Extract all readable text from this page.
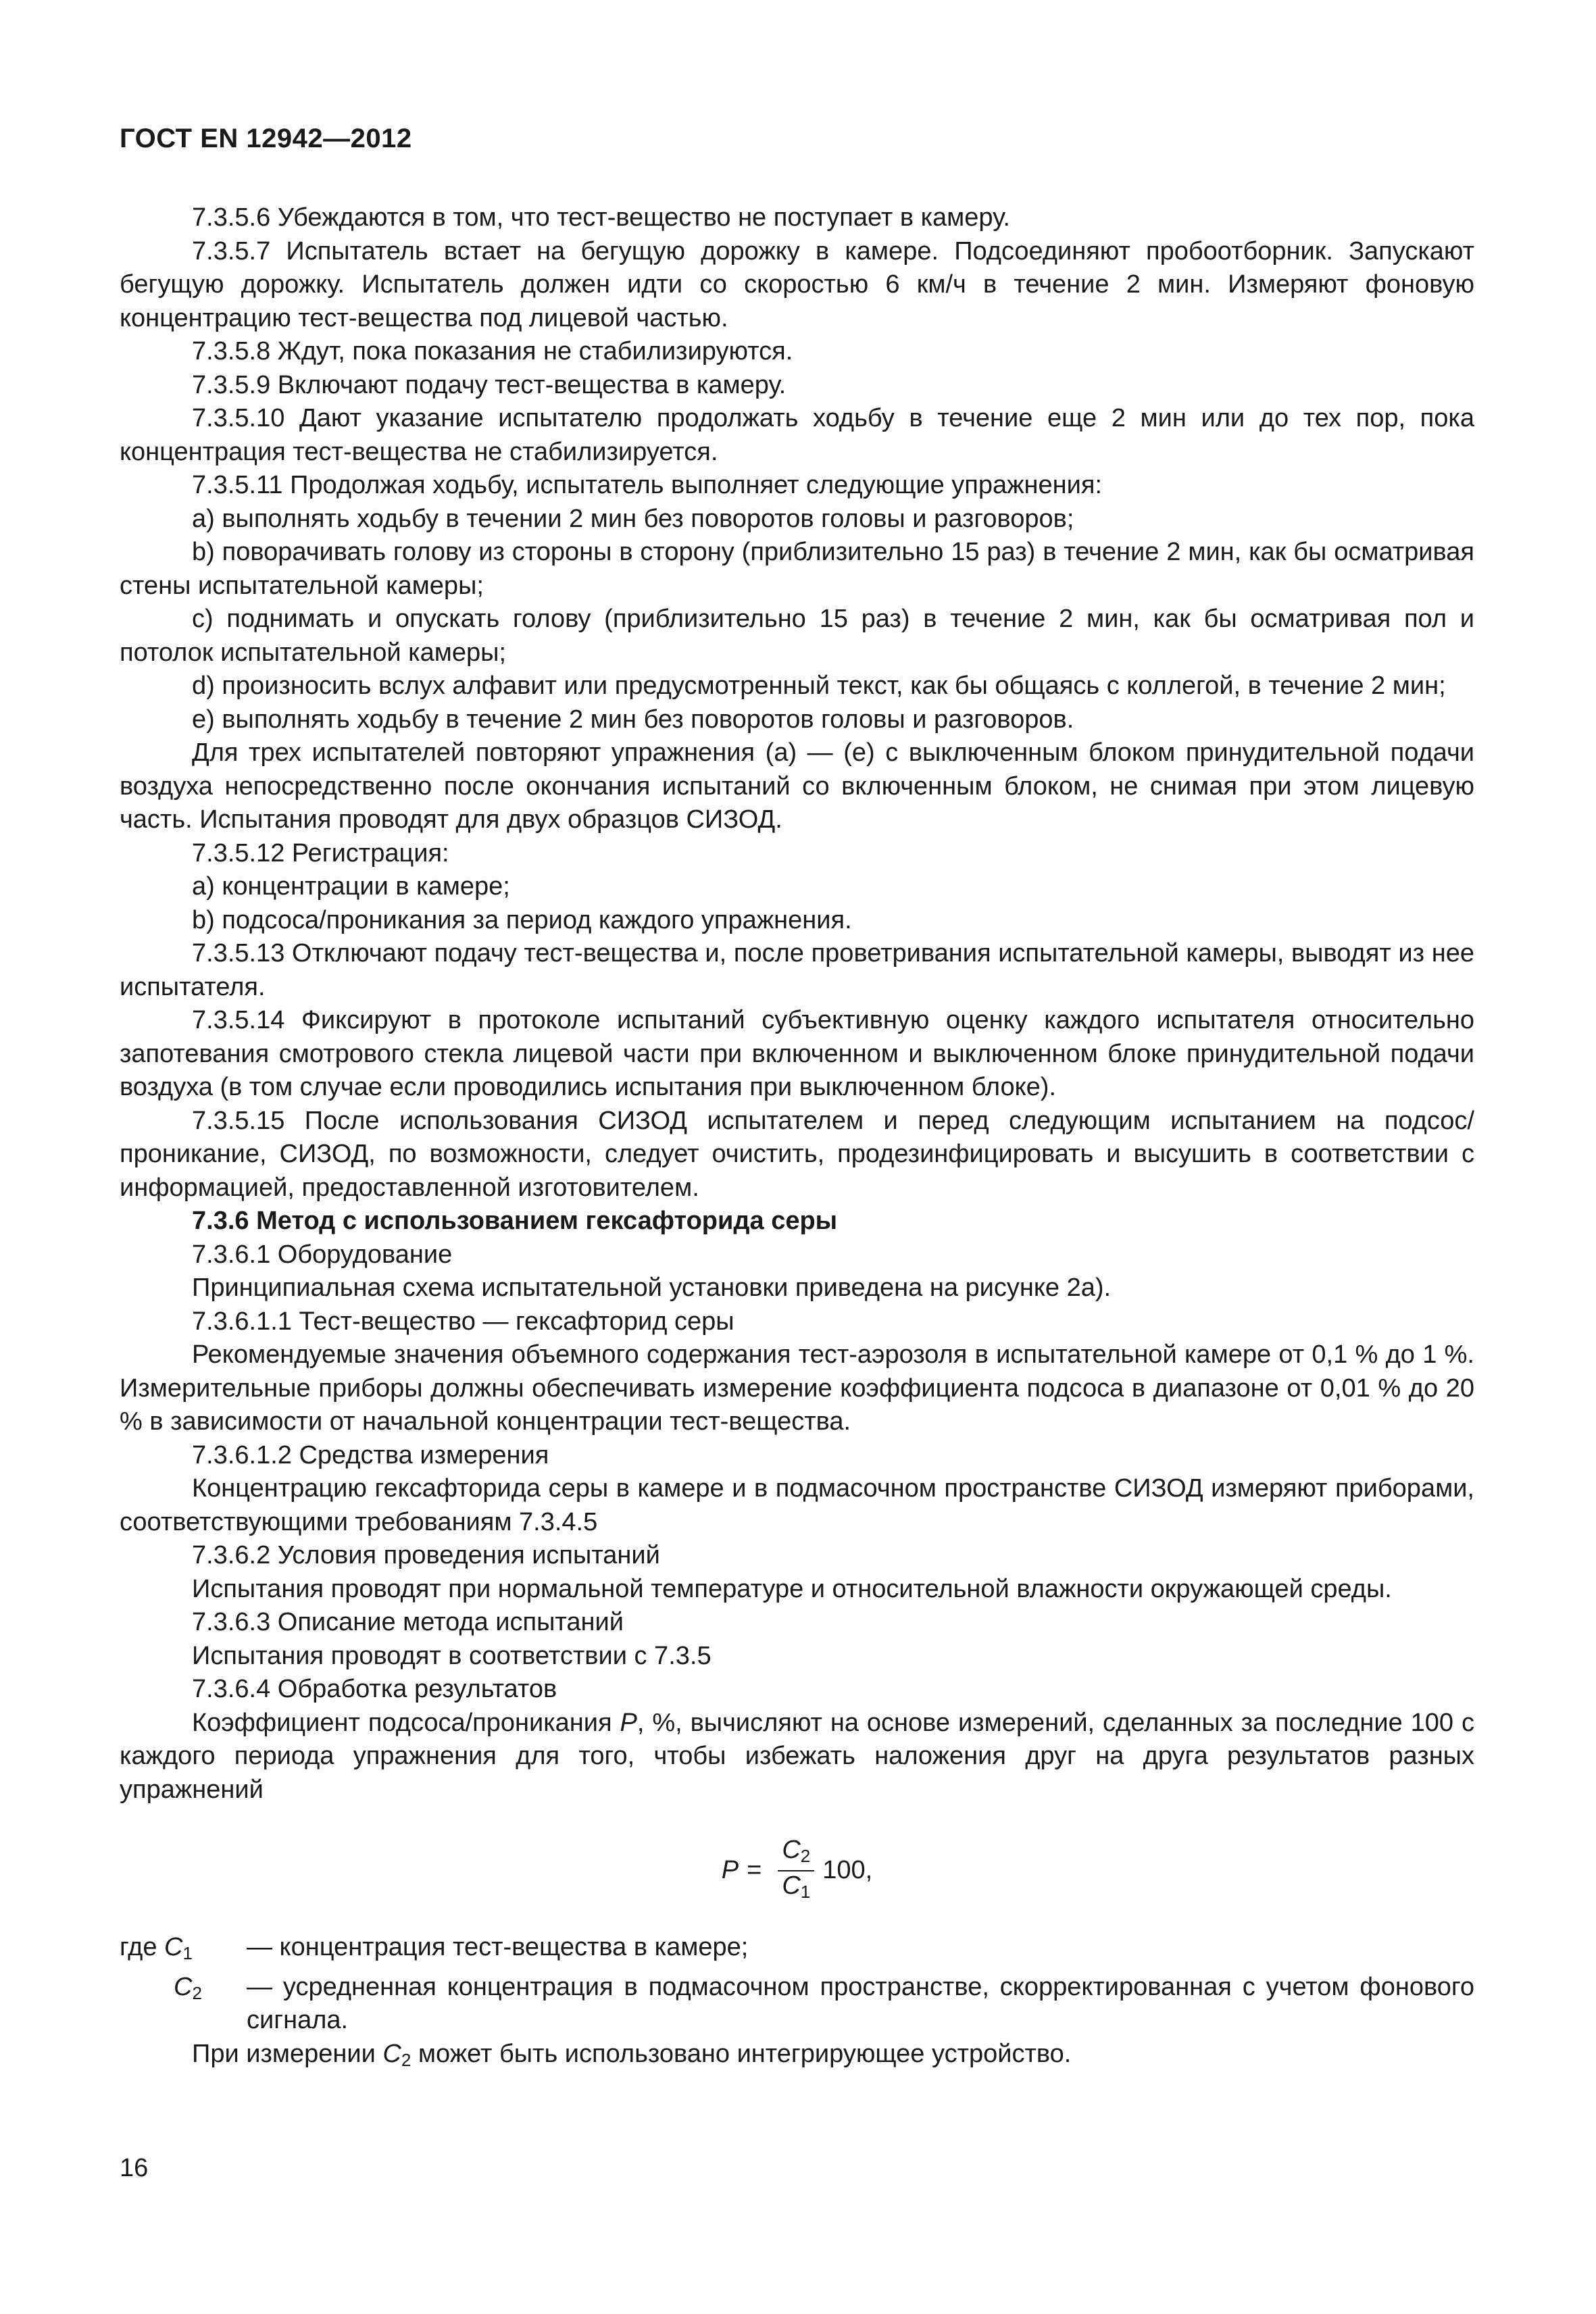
ГОСТ EN 12942—2012

7.3.5.6 Убеждаются в том, что тест-вещество не поступает в камеру.

7.3.5.7 Испытатель встает на бегущую дорожку в камере. Подсоединяют пробоотборник. Запускают бегущую дорожку. Испытатель должен идти со скоростью 6 км/ч в течение 2 мин. Измеряют фоновую концентрацию тест-вещества под лицевой частью.

7.3.5.8 Ждут, пока показания не стабилизируются.

7.3.5.9 Включают подачу тест-вещества в камеру.

7.3.5.10 Дают указание испытателю продолжать ходьбу в течение еще 2 мин или до тех пор, пока концентрация тест-вещества не стабилизируется.

7.3.5.11 Продолжая ходьбу, испытатель выполняет следующие упражнения:

а) выполнять ходьбу в течении 2 мин без поворотов головы и разговоров;

b) поворачивать голову из стороны в сторону (приблизительно 15 раз) в течение 2 мин, как бы осматривая стены испытательной камеры;

c) поднимать и опускать голову (приблизительно 15 раз) в течение 2 мин, как бы осматривая пол и потолок испытательной камеры;

d) произносить вслух алфавит или предусмотренный текст, как бы общаясь с коллегой, в течение 2 мин;

e) выполнять ходьбу в течение 2 мин без поворотов головы и разговоров.

Для трех испытателей повторяют упражнения (а) — (е) с выключенным блоком принудительной подачи воздуха непосредственно после окончания испытаний со включенным блоком, не снимая при этом лицевую часть. Испытания проводят для двух образцов СИЗОД.

7.3.5.12 Регистрация:

а) концентрации в камере;

b) подсоса/проникания за период каждого упражнения.

7.3.5.13 Отключают подачу тест-вещества и, после проветривания испытательной камеры, выводят из нее испытателя.

7.3.5.14 Фиксируют в протоколе испытаний субъективную оценку каждого испытателя относительно запотевания смотрового стекла лицевой части при включенном и выключенном блоке принудительной подачи воздуха (в том случае если проводились испытания при выключенном блоке).

7.3.5.15 После использования СИЗОД испытателем и перед следующим испытанием на подсос/проникание, СИЗОД, по возможности, следует очистить, продезинфицировать и высушить в соответствии с информацией, предоставленной изготовителем.

7.3.6 Метод с использованием гексафторида серы

7.3.6.1 Оборудование

Принципиальная схема испытательной установки приведена на рисунке 2а).

7.3.6.1.1 Тест-вещество — гексафторид серы

Рекомендуемые значения объемного содержания тест-аэрозоля в испытательной камере от 0,1 % до 1 %. Измерительные приборы должны обеспечивать измерение коэффициента подсоса в диапазоне от 0,01 % до 20 % в зависимости от начальной концентрации тест-вещества.

7.3.6.1.2 Средства измерения

Концентрацию гексафторида серы в камере и в подмасочном пространстве СИЗОД измеряют приборами, соответствующими требованиям 7.3.4.5

7.3.6.2 Условия проведения испытаний

Испытания проводят при нормальной температуре и относительной влажности окружающей среды.

7.3.6.3 Описание метода испытаний

Испытания проводят в соответствии с 7.3.5

7.3.6.4 Обработка результатов

Коэффициент подсоса/проникания P, %, вычисляют на основе измерений, сделанных за последние 100 с каждого периода упражнения для того, чтобы избежать наложения друг на друга результатов разных упражнений

$P = \frac{C_2}{C_1} 100$,
где $C_1$	— концентрация тест-вещества в камере;
$C_2$	— усредненная концентрация в подмасочном пространстве, скорректированная с учетом фонового сигнала.

При измерении $C_2$ может быть использовано интегрирующее устройство.

16
